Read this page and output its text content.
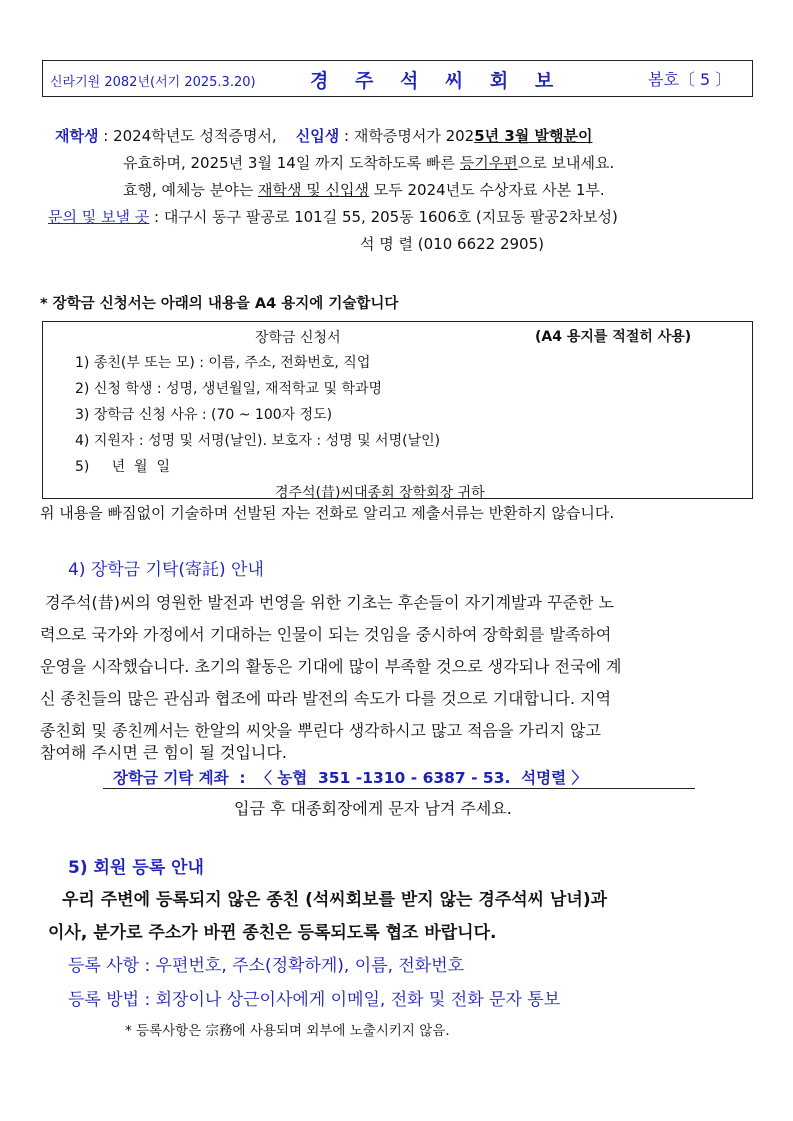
신라기원 2082년(서기 2025.3.20)	경 주 석 씨 회 보	봄호〔 5 〕
재학생 : 2024학년도 성적증명서, 신입생 : 재학증명서가 2025년 3월 발행분이
유효하며, 2025년 3월 14일 까지 도착하도록 빠른 등기우편으로 보내세요.
효행, 예체능 분야는 재학생 및 신입생 모두 2024년도 수상자료 사본 1부.
문의 및 보낼 곳 : 대구시 동구 팔공로 101길 55, 205동 1606호 (지묘동 팔공2차보성)
석 명 렬 (010 6622 2905)
* 장학금 신청서는 아래의 내용을 A4 용지에 기술합니다
장학금 신청서	(A4 용지를 적절히 사용)
1) 종친(부 또는 모) : 이름, 주소, 전화번호, 직업
2) 신청 학생 : 성명, 생년월일, 재적학교 및 학과명
3) 장학금 신청 사유 : (70 ~ 100자 정도)
4) 지원자 : 성명 및 서명(날인). 보호자 : 성명 및 서명(날인)
5)     년  월  일
경주석(昔)씨대종회 장학회장 귀하
위 내용을 빠짐없이 기술하며 선발된 자는 전화로 알리고 제출서류는 반환하지 않습니다.
4) 장학금 기탁(寄託) 안내
경주석(昔)씨의 영원한 발전과 번영을 위한 기초는 후손들이 자기계발과 꾸준한 노
력으로 국가와 가정에서 기대하는 인물이 되는 것임을 중시하여 장학회를 발족하여
운영을 시작했습니다. 초기의 활동은 기대에 많이 부족할 것으로 생각되나 전국에 계
신 종친들의 많은 관심과 협조에 따라 발전의 속도가 다를 것으로 기대합니다. 지역
종친회 및 종친께서는 한알의 씨앗을 뿌린다 생각하시고 많고 적음을 가리지 않고
참여해 주시면 큰 힘이 될 것입니다.
장학금 기탁 계좌  :  〈 농협  351 -1310 - 6387 - 53.  석명렬 〉
입금 후 대종회장에게 문자 남겨 주세요.
5) 회원 등록 안내
우리 주변에 등록되지 않은 종친 (석씨회보를 받지 않는 경주석씨 남녀)과
이사, 분가로 주소가 바뀐 종친은 등록되도록 협조 바랍니다.
등록 사항 : 우편번호, 주소(정확하게), 이름, 전화번호
등록 방법 : 회장이나 상근이사에게 이메일, 전화 및 전화 문자 통보
* 등록사항은 宗務에 사용되며 외부에 노출시키지 않음.
